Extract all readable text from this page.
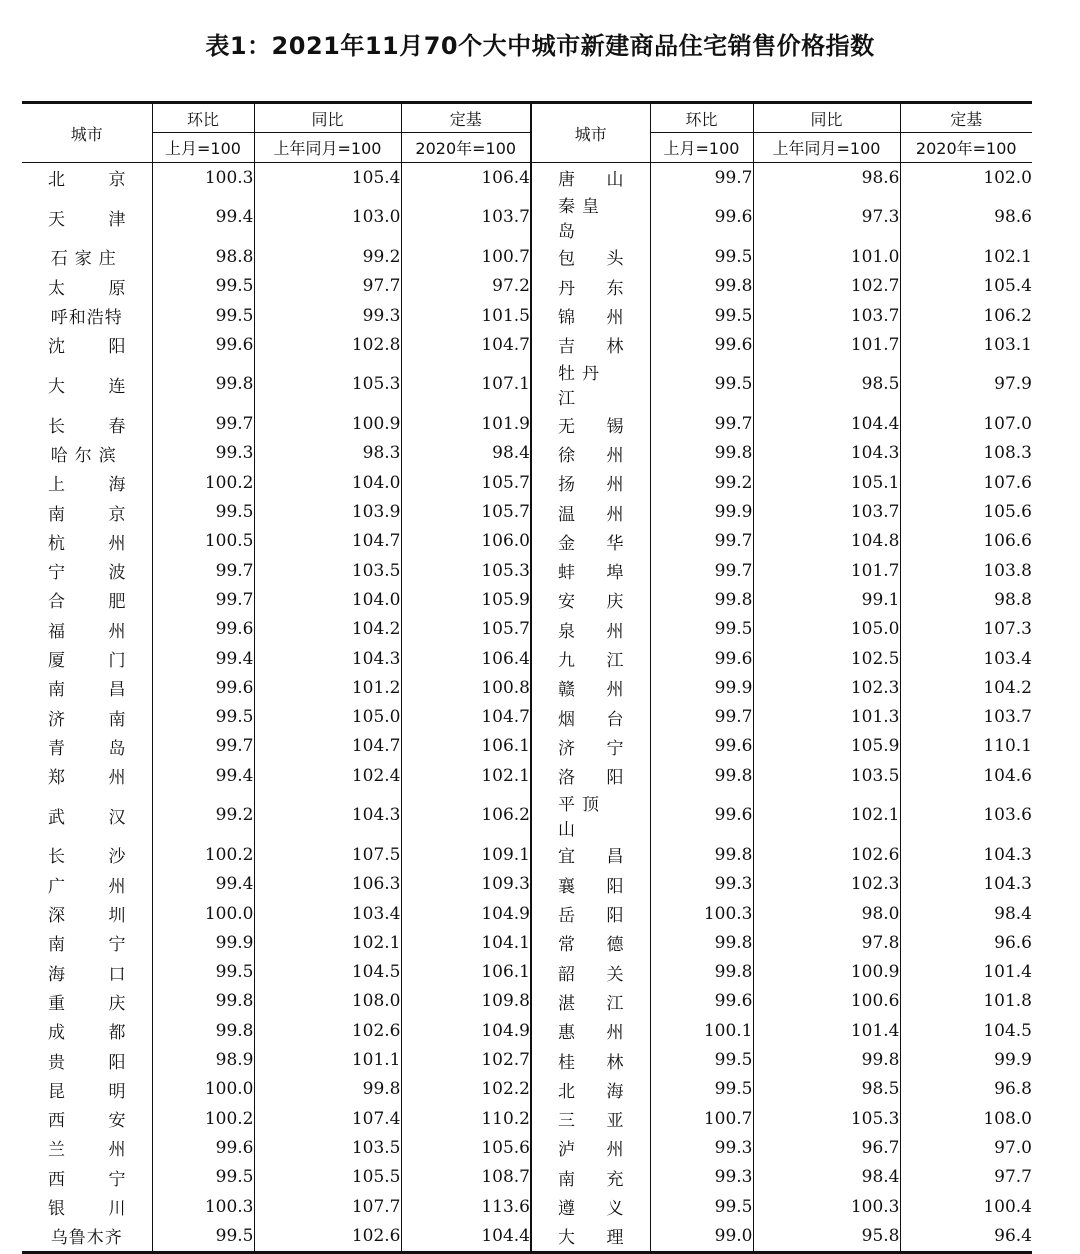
表1：2021年11月70个大中城市新建商品住宅销售价格指数
城市	环比	同比	定基	城市	环比	同比	定基
	上月=100	上年同月=100	2020年=100		上月=100	上年同月=100	2020年=100

北 京	100.3	105.4	106.4	唐 山	99.7	98.6	102.0

天 津	99.4	103.0	103.7	秦皇岛	99.6	97.3	98.6

石家庄	98.8	99.2	100.7	包 头	99.5	101.0	102.1

太 原	99.5	97.7	97.2	丹 东	99.8	102.7	105.4

呼和浩特	99.5	99.3	101.5	锦 州	99.5	103.7	106.2

沈 阳	99.6	102.8	104.7	吉 林	99.6	101.7	103.1

大 连	99.8	105.3	107.1	牡丹江	99.5	98.5	97.9

长 春	99.7	100.9	101.9	无 锡	99.7	104.4	107.0

哈尔滨	99.3	98.3	98.4	徐 州	99.8	104.3	108.3

上 海	100.2	104.0	105.7	扬 州	99.2	105.1	107.6

南 京	99.5	103.9	105.7	温 州	99.9	103.7	105.6

杭 州	100.5	104.7	106.0	金 华	99.7	104.8	106.6

宁 波	99.7	103.5	105.3	蚌 埠	99.7	101.7	103.8

合 肥	99.7	104.0	105.9	安 庆	99.8	99.1	98.8

福 州	99.6	104.2	105.7	泉 州	99.5	105.0	107.3

厦 门	99.4	104.3	106.4	九 江	99.6	102.5	103.4

南 昌	99.6	101.2	100.8	赣 州	99.9	102.3	104.2

济 南	99.5	105.0	104.7	烟 台	99.7	101.3	103.7

青 岛	99.7	104.7	106.1	济 宁	99.6	105.9	110.1

郑 州	99.4	102.4	102.1	洛 阳	99.8	103.5	104.6

武 汉	99.2	104.3	106.2	平顶山	99.6	102.1	103.6

长 沙	100.2	107.5	109.1	宜 昌	99.8	102.6	104.3

广 州	99.4	106.3	109.3	襄 阳	99.3	102.3	104.3

深 圳	100.0	103.4	104.9	岳 阳	100.3	98.0	98.4

南 宁	99.9	102.1	104.1	常 德	99.8	97.8	96.6

海 口	99.5	104.5	106.1	韶 关	99.8	100.9	101.4

重 庆	99.8	108.0	109.8	湛 江	99.6	100.6	101.8

成 都	99.8	102.6	104.9	惠 州	100.1	101.4	104.5

贵 阳	98.9	101.1	102.7	桂 林	99.5	99.8	99.9

昆 明	100.0	99.8	102.2	北 海	99.5	98.5	96.8

西 安	100.2	107.4	110.2	三 亚	100.7	105.3	108.0

兰 州	99.6	103.5	105.6	泸 州	99.3	96.7	97.0

西 宁	99.5	105.5	108.7	南 充	99.3	98.4	97.7

银 川	100.3	107.7	113.6	遵 义	99.5	100.3	100.4

乌鲁木齐	99.5	102.6	104.4	大 理	99.0	95.8	96.4
